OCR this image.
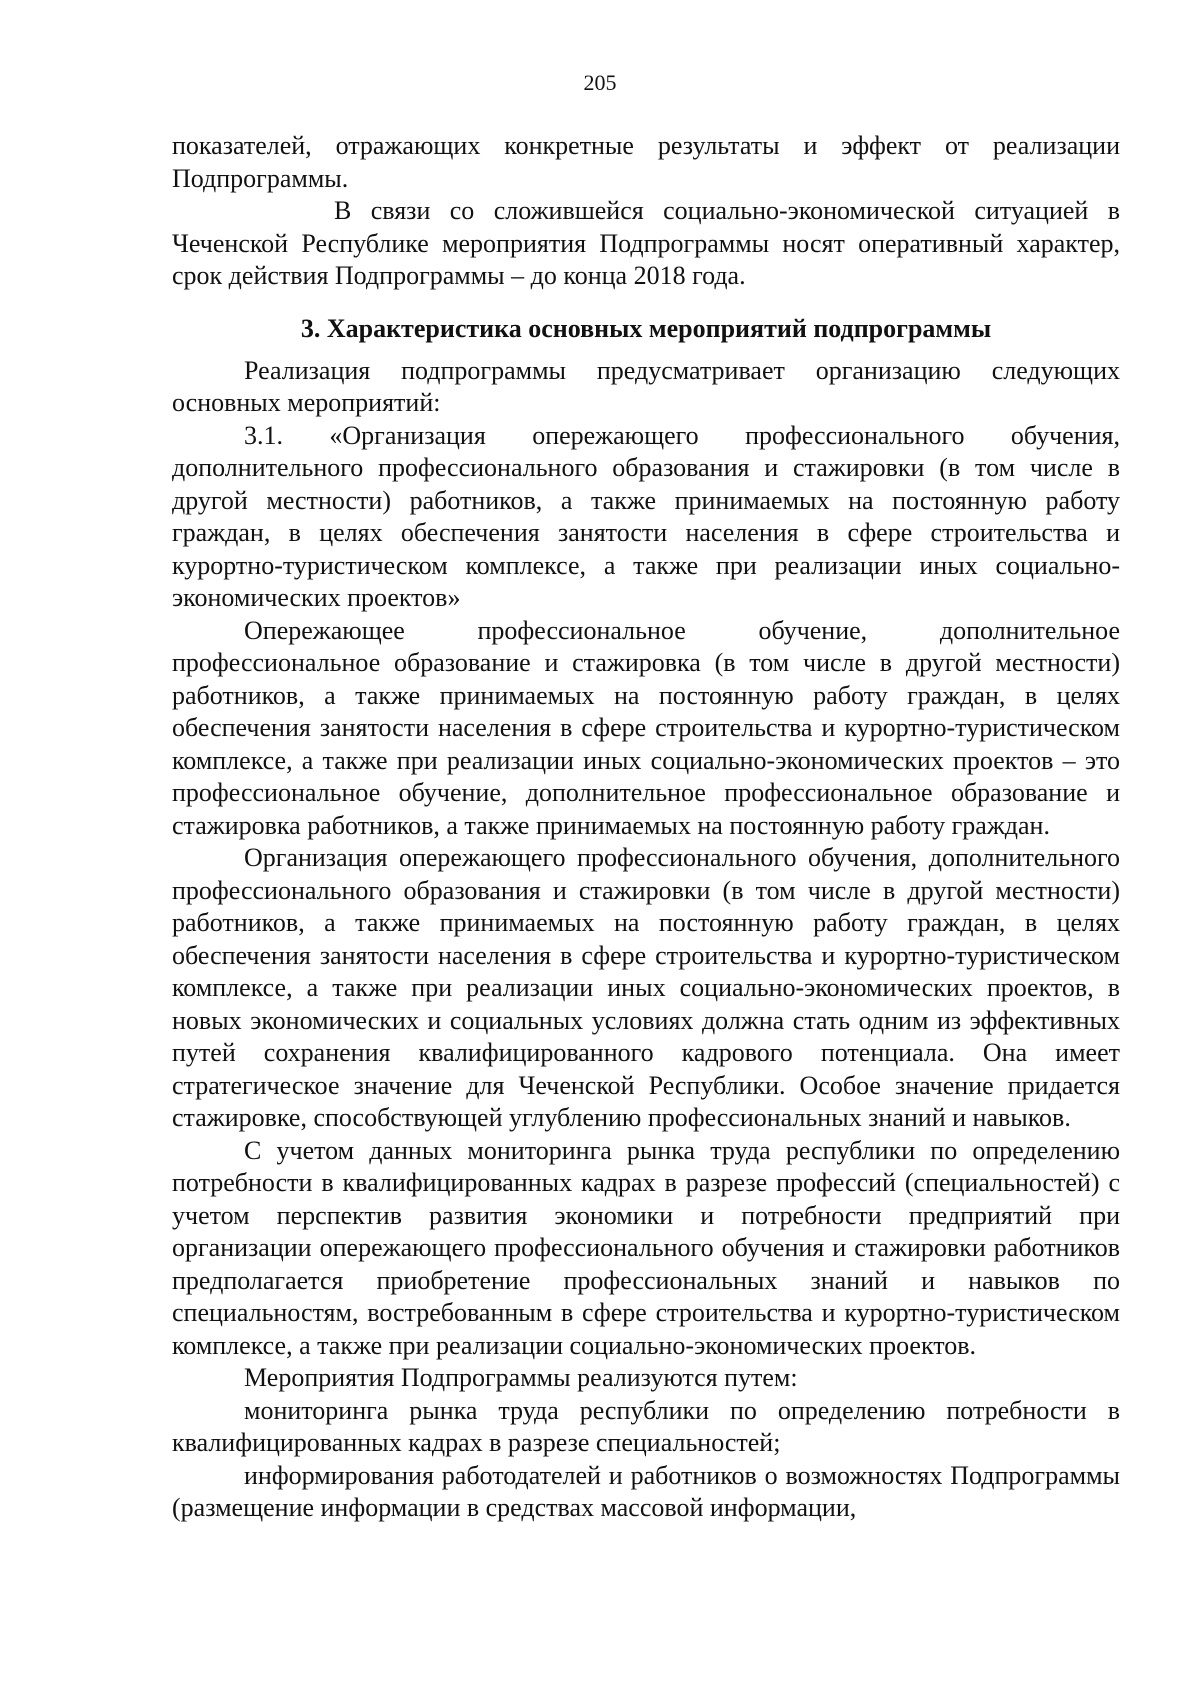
205

показателей, отражающих конкретные результаты и эффект от реализации Подпрограммы.

В связи со сложившейся социально-экономической ситуацией в Чеченской Республике мероприятия Подпрограммы носят оперативный характер, срок действия Подпрограммы – до конца 2018 года.

3. Характеристика основных мероприятий подпрограммы

Реализация подпрограммы предусматривает организацию следующих основных мероприятий:

3.1. «Организация опережающего профессионального обучения, дополнительного профессионального образования и стажировки (в том числе в другой местности) работников, а также принимаемых на постоянную работу граждан, в целях обеспечения занятости населения в сфере строительства и курортно-туристическом комплексе, а также при реализации иных социально-экономических проектов»

Опережающее профессиональное обучение, дополнительное профессиональное образование и стажировка (в том числе в другой местности) работников, а также принимаемых на постоянную работу граждан, в целях обеспечения занятости населения в сфере строительства и курортно-туристическом комплексе, а также при реализации иных социально-экономических проектов – это профессиональное обучение, дополнительное профессиональное образование и стажировка работников, а также принимаемых на постоянную работу граждан.

Организация опережающего профессионального обучения, дополнительного профессионального образования и стажировки (в том числе в другой местности) работников, а также принимаемых на постоянную работу граждан, в целях обеспечения занятости населения в сфере строительства и курортно-туристическом комплексе, а также при реализации иных социально-экономических проектов, в новых экономических и социальных условиях должна стать одним из эффективных путей сохранения квалифицированного кадрового потенциала. Она имеет стратегическое значение для Чеченской Республики. Особое значение придается стажировке, способствующей углублению профессиональных знаний и навыков.

С учетом данных мониторинга рынка труда республики по определению потребности в квалифицированных кадрах в разрезе профессий (специальностей) с учетом перспектив развития экономики и потребности предприятий при организации опережающего профессионального обучения и стажировки работников предполагается приобретение профессиональных знаний и навыков по специальностям, востребованным в сфере строительства и курортно-туристическом комплексе, а также при реализации социально-экономических проектов.

Мероприятия Подпрограммы реализуются путем:

мониторинга рынка труда республики по определению потребности в квалифицированных кадрах в разрезе специальностей;

информирования работодателей и работников о возможностях Подпрограммы (размещение информации в средствах массовой информации,
